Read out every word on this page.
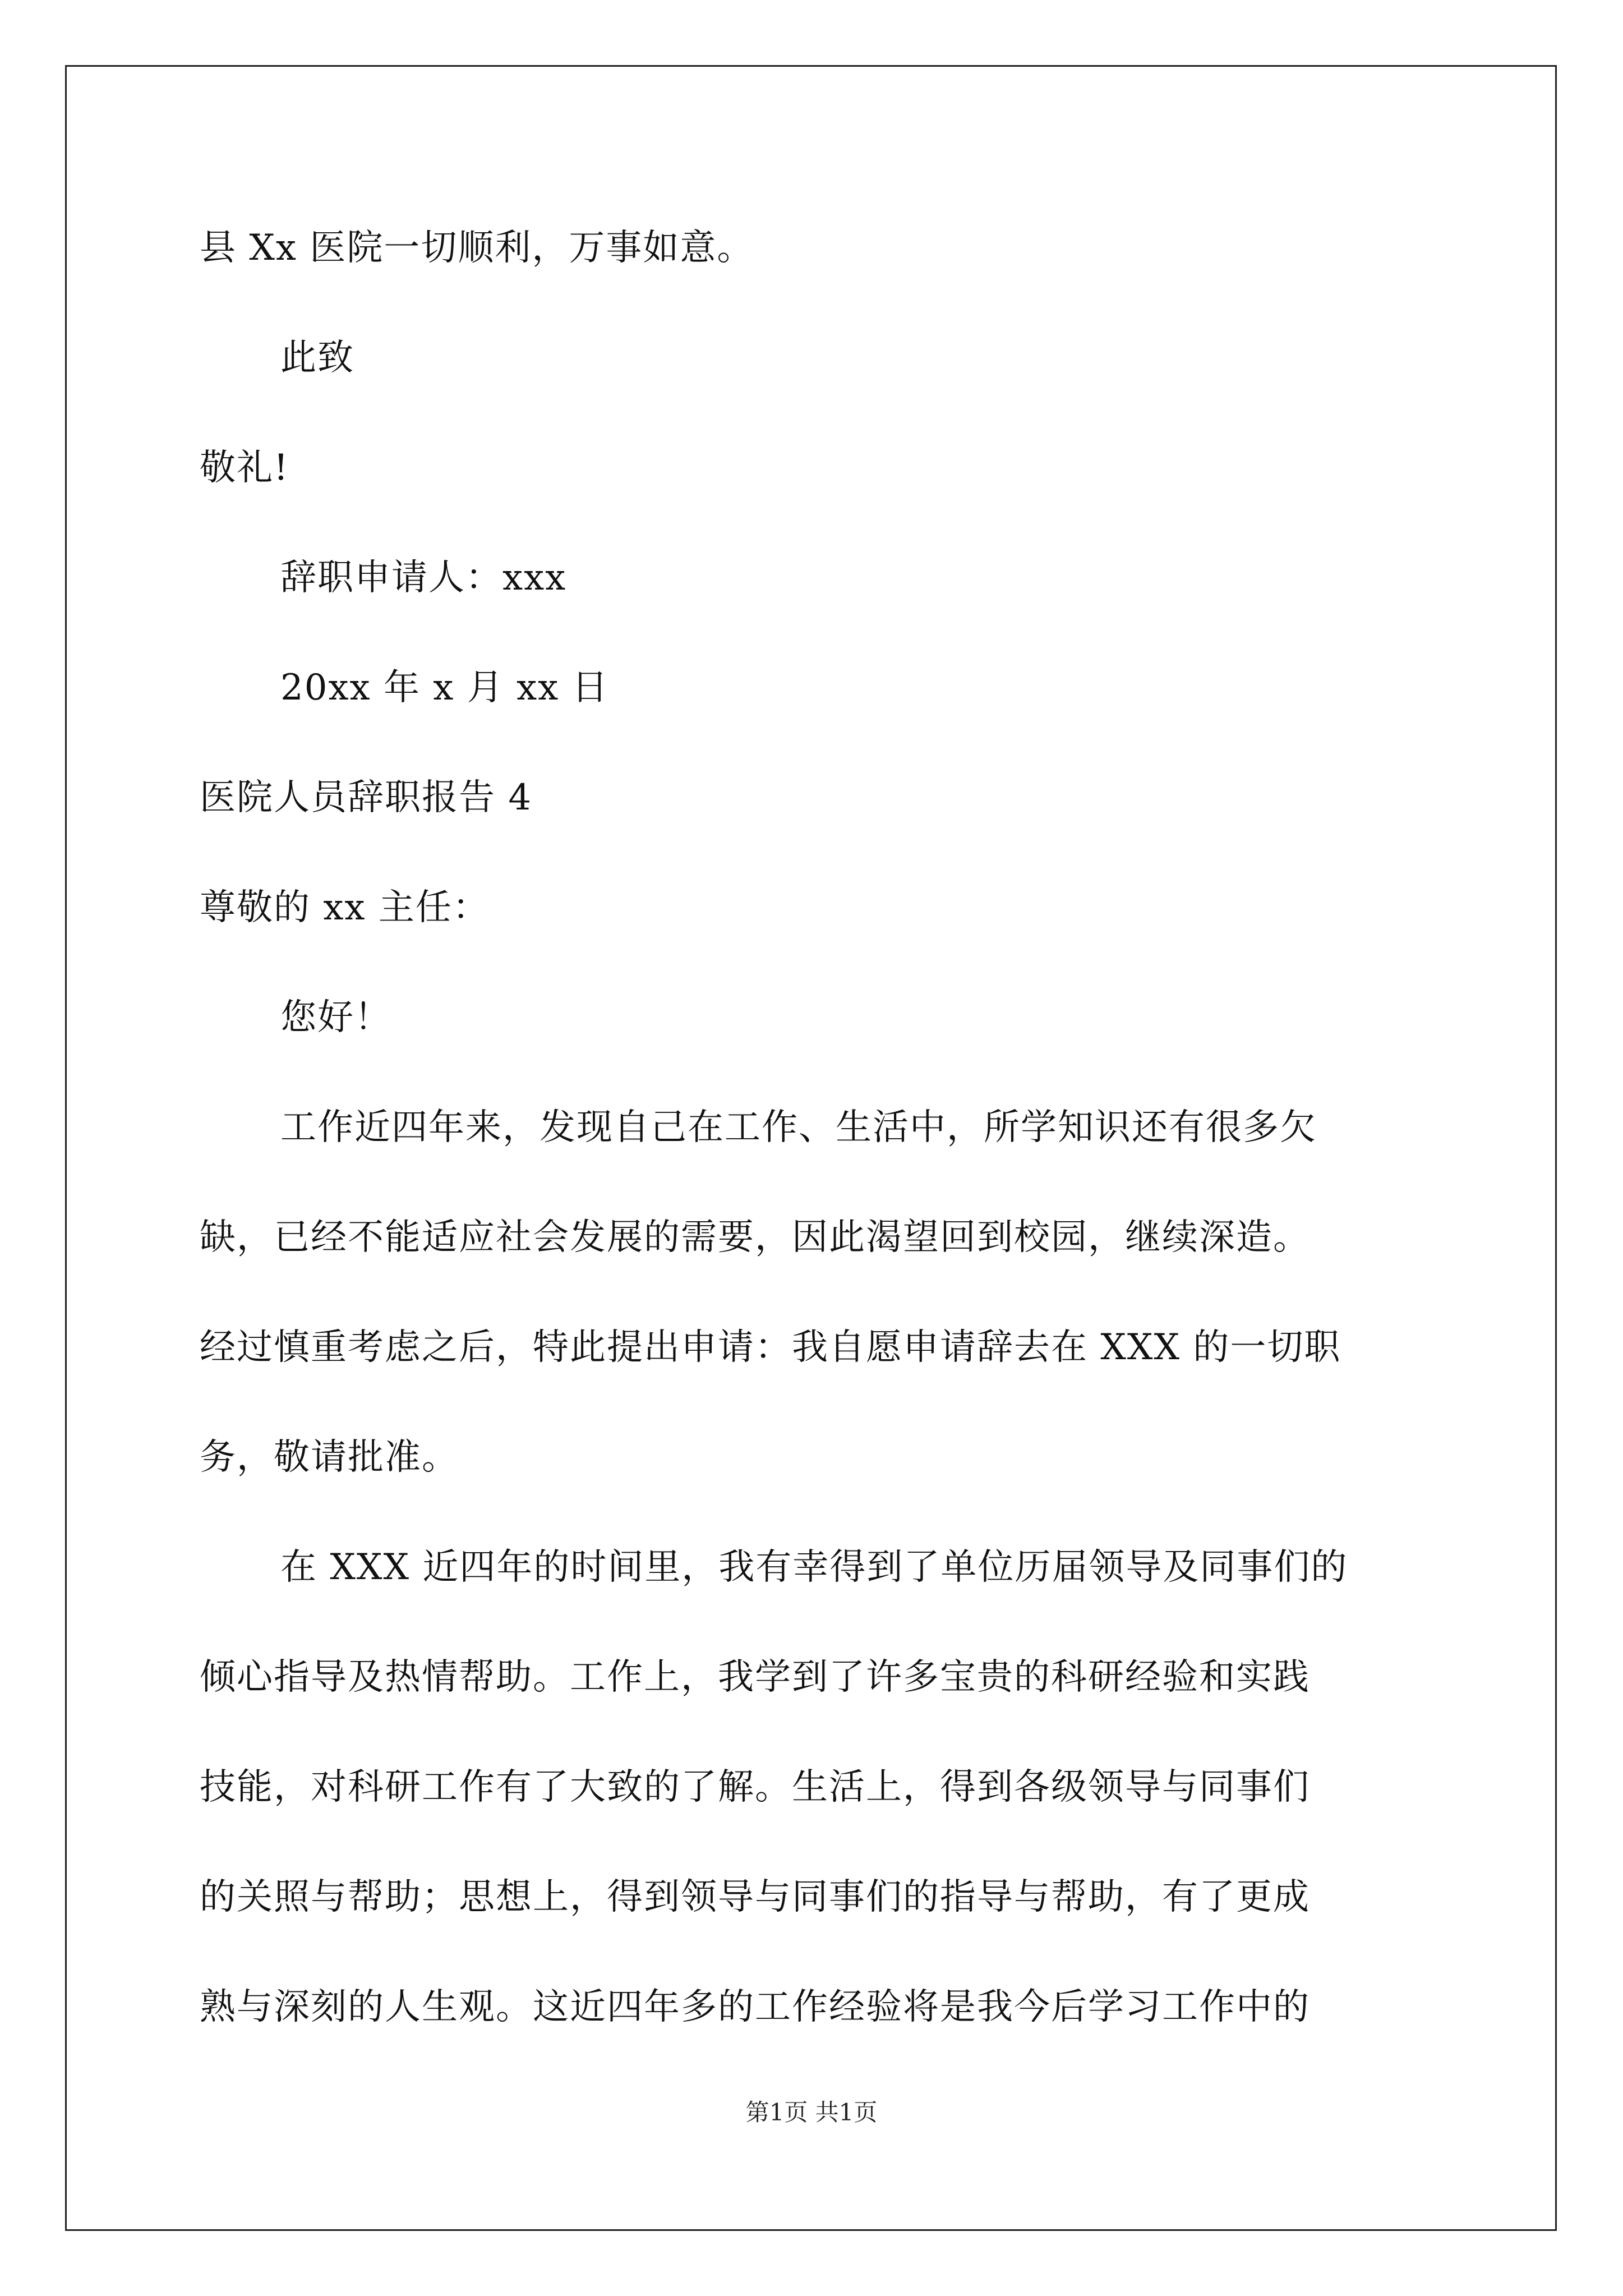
县 Xx 医院一切顺利，万事如意。
此致
敬礼!
辞职申请人：xxx
20xx 年 x 月 xx 日
医院人员辞职报告 4
尊敬的 xx 主任：
您好！
工作近四年来，发现自己在工作、生活中，所学知识还有很多欠
缺，已经不能适应社会发展的需要，因此渴望回到校园，继续深造。
经过慎重考虑之后，特此提出申请：我自愿申请辞去在 XXX 的一切职
务，敬请批准。
在 XXX 近四年的时间里，我有幸得到了单位历届领导及同事们的
倾心指导及热情帮助。工作上，我学到了许多宝贵的科研经验和实践
技能，对科研工作有了大致的了解。生活上，得到各级领导与同事们
的关照与帮助；思想上，得到领导与同事们的指导与帮助，有了更成
熟与深刻的人生观。这近四年多的工作经验将是我今后学习工作中的
第1页 共1页
